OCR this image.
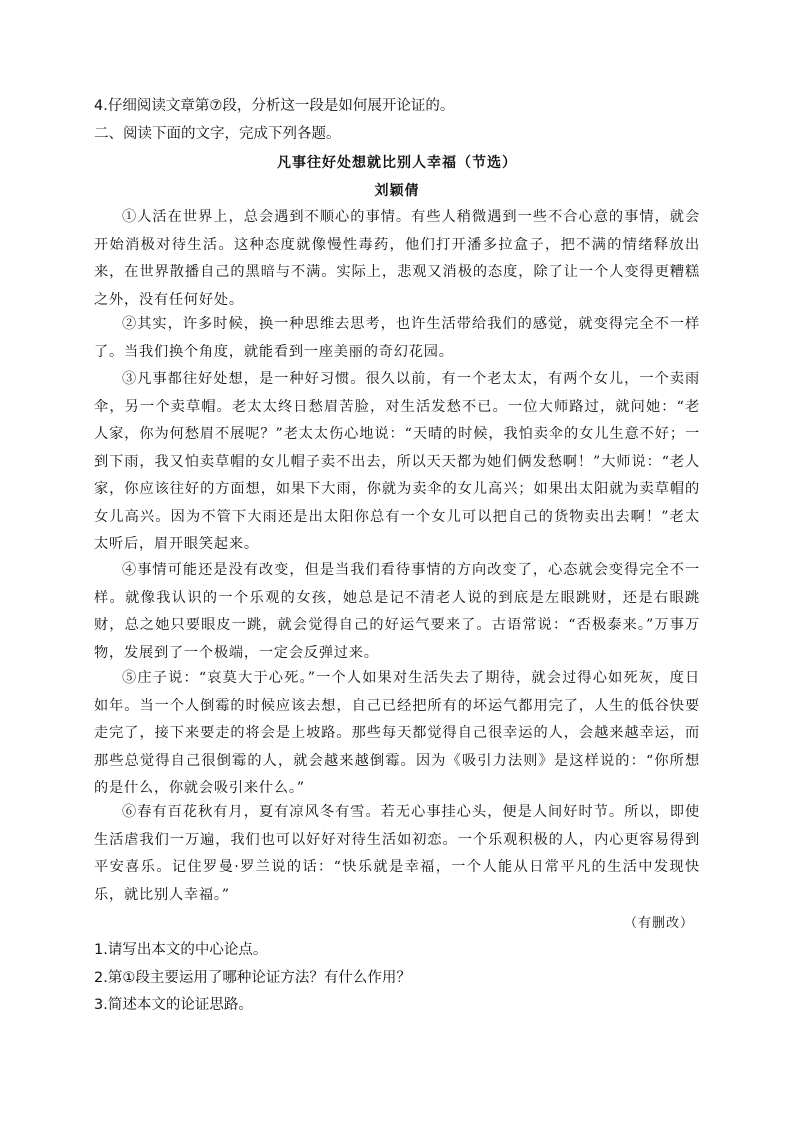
4.仔细阅读文章第⑦段，分析这一段是如何展开论证的。
二、阅读下面的文字，完成下列各题。
凡事往好处想就比别人幸福（节选）
刘颖倩
①人活在世界上，总会遇到不顺心的事情。有些人稍微遇到一些不合心意的事情，就会开始消极对待生活。这种态度就像慢性毒药，他们打开潘多拉盒子，把不满的情绪释放出来，在世界散播自己的黑暗与不满。实际上，悲观又消极的态度，除了让一个人变得更糟糕之外，没有任何好处。
②其实，许多时候，换一种思维去思考，也许生活带给我们的感觉，就变得完全不一样了。当我们换个角度，就能看到一座美丽的奇幻花园。
③凡事都往好处想，是一种好习惯。很久以前，有一个老太太，有两个女儿，一个卖雨伞，另一个卖草帽。老太太终日愁眉苦脸，对生活发愁不已。一位大师路过，就问她：“老人家，你为何愁眉不展呢？”老太太伤心地说：“天晴的时候，我怕卖伞的女儿生意不好；一到下雨，我又怕卖草帽的女儿帽子卖不出去，所以天天都为她们俩发愁啊！”大师说：“老人家，你应该往好的方面想，如果下大雨，你就为卖伞的女儿高兴；如果出太阳就为卖草帽的女儿高兴。因为不管下大雨还是出太阳你总有一个女儿可以把自己的货物卖出去啊！”老太太听后，眉开眼笑起来。
④事情可能还是没有改变，但是当我们看待事情的方向改变了，心态就会变得完全不一样。就像我认识的一个乐观的女孩，她总是记不清老人说的到底是左眼跳财，还是右眼跳财，总之她只要眼皮一跳，就会觉得自己的好运气要来了。古语常说：“否极泰来。”万事万物，发展到了一个极端，一定会反弹过来。
⑤庄子说：“哀莫大于心死。”一个人如果对生活失去了期待，就会过得心如死灰，度日如年。当一个人倒霉的时候应该去想，自己已经把所有的坏运气都用完了，人生的低谷快要走完了，接下来要走的将会是上坡路。那些每天都觉得自己很幸运的人，会越来越幸运，而那些总觉得自己很倒霉的人，就会越来越倒霉。因为《吸引力法则》是这样说的：“你所想的是什么，你就会吸引来什么。”
⑥春有百花秋有月，夏有凉风冬有雪。若无心事挂心头，便是人间好时节。所以，即使生活虐我们一万遍，我们也可以好好对待生活如初恋。一个乐观积极的人，内心更容易得到平安喜乐。记住罗曼·罗兰说的话：“快乐就是幸福，一个人能从日常平凡的生活中发现快乐，就比别人幸福。”
（有删改）
1.请写出本文的中心论点。
2.第①段主要运用了哪种论证方法？有什么作用？
3.简述本文的论证思路。
